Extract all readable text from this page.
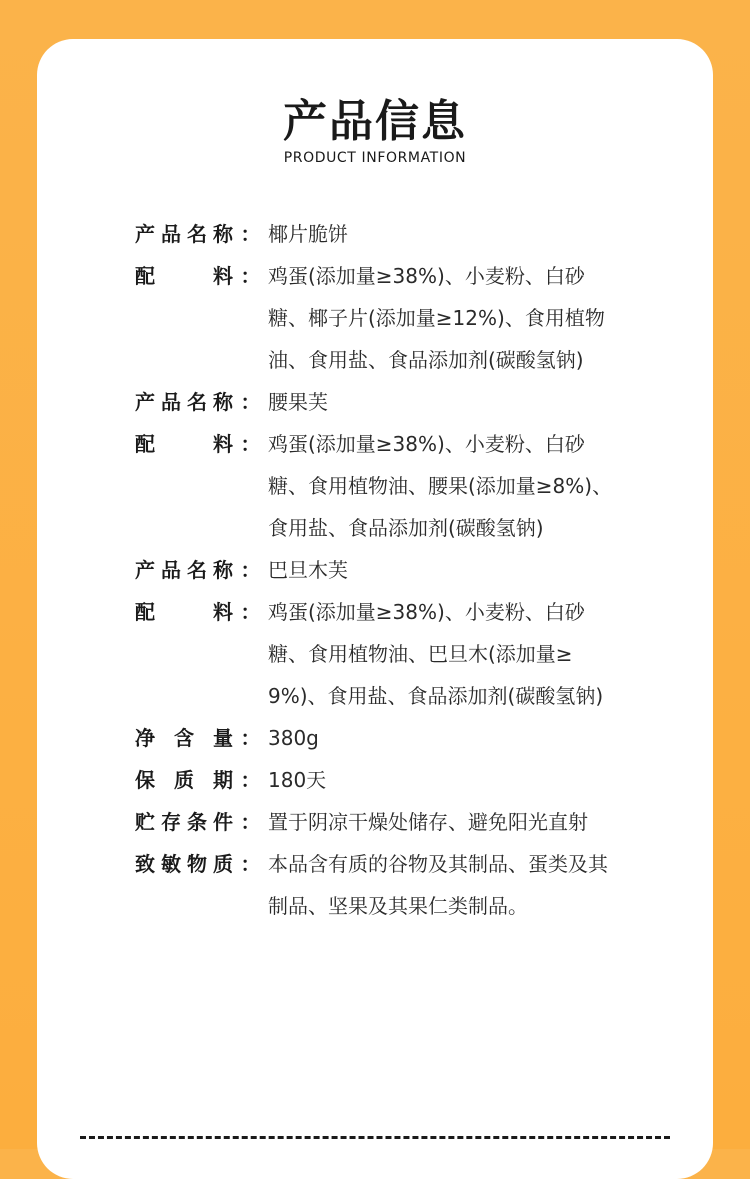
产品信息
PRODUCT INFORMATION
产 品 名 称 ： 椰片脆饼
配	料 ： 鸡蛋(添加量≥38%)、小麦粉、白砂糖、椰子片(添加量≥12%)、食用植物油、食用盐、食品添加剂(碳酸氢钠)
产 品 名 称 ： 腰果芙
配	料 ： 鸡蛋(添加量≥38%)、小麦粉、白砂糖、食用植物油、腰果(添加量≥8%)、食用盐、食品添加剂(碳酸氢钠)
产 品 名 称 ： 巴旦木芙
配	料 ： 鸡蛋(添加量≥38%)、小麦粉、白砂糖、食用植物油、巴旦木(添加量≥9%)、食用盐、食品添加剂(碳酸氢钠)
净 含 量 ： 380g
保 质 期 ： 180天
贮 存 条 件 ： 置于阴凉干燥处储存、避免阳光直射
致 敏 物 质 ： 本品含有质的谷物及其制品、蛋类及其制品、坚果及其果仁类制品。
